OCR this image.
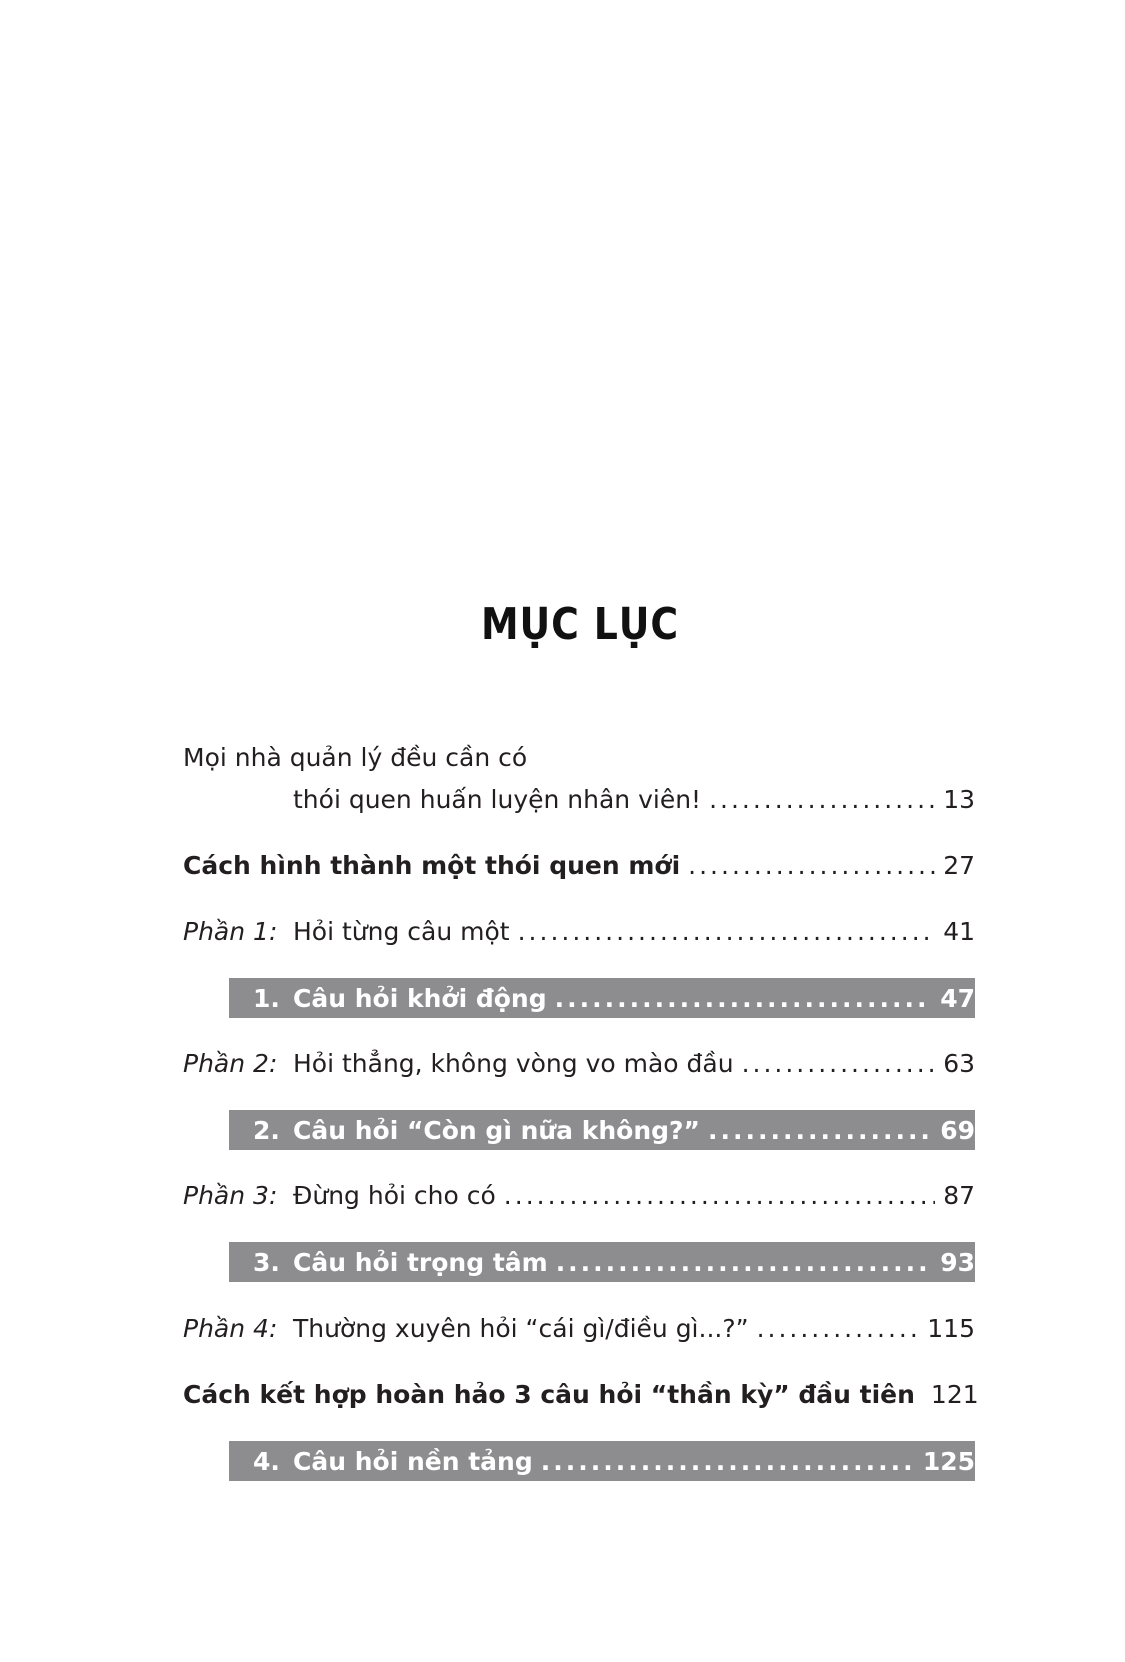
MỤC LỤC
Mọi nhà quản lý đều cần có
thói quen huấn luyện nhân viên! .....	13
Cách hình thành một thói quen mới .....	27
Phần 1: Hỏi từng câu một .....	41
1. Câu hỏi khởi động .....	47
Phần 2: Hỏi thẳng, không vòng vo mào đầu .....	63
2. Câu hỏi “Còn gì nữa không?” .....	69
Phần 3: Đừng hỏi cho có .....	87
3. Câu hỏi trọng tâm .....	93
Phần 4: Thường xuyên hỏi “cái gì/điều gì...?” .....	115
Cách kết hợp hoàn hảo 3 câu hỏi “thần kỳ” đầu tiên 121
4. Câu hỏi nền tảng .....	125
